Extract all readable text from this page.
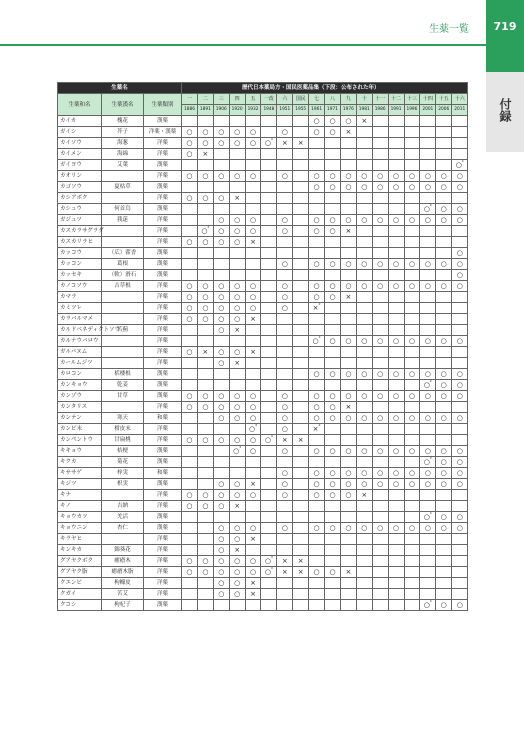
生薬一覧	719
付録
生薬名			歴代日本薬局方・国民医薬品集（下段：公布された年）																	
生薬和名	生薬漢名	生薬類別	一	二	三	四	五	一改	六	国民	七	八	九	十	十一	十二	十三	十四	十五	十六
			1886	1891	1906	1920	1932	1948	1951	1955	1961	1971	1976	1981	1986	1991	1996	2001	2006	2011
カイカ	槐花	漢薬									○	○	○	×						
ガイシ	芥子	洋薬・漢薬	○	○	○	○	○		○		○	○	×							
カイソウ	海葱	洋薬	○	○	○	○	○	○*	×	×										
カイメン	海綿	洋薬	○	×																
ガイヨウ	艾葉	漢薬																		○*
カオリン		洋薬	○	○	○	○	○		○		○	○	○	○	○	○	○	○	○	○
カゴソウ	夏枯草	漢薬									○	○	○	○	○	○	○	○	○	○
カシアボク		洋薬	○	○	○	×														
カシュウ	何首烏	漢薬																○*	○	○
ガジュツ	莪蒁	洋薬			○	○	○		○		○	○	○	○	○	○	○	○	○	○
カスカラサグラダ		洋薬		○*	○	○	○		○		○	○	×							
カスカリラヒ		洋薬	○	○	○	○	×													
カッコウ	（広）藿香	漢薬																		○
カッコン	葛根	漢薬							○		○	○	○	○	○	○	○	○	○	○
カッセキ	（軟）滑石	漢薬																		○
カノコソウ	吉草根	洋薬	○	○	○	○	○		○		○	○	○	○	○	○	○	○	○	○
カマラ		洋薬	○	○	○	○	○		○		○	○	×							
カミツレ		洋薬	○	○	○	○	○		○		×*									
カラバルマメ		洋薬	○	○	○	○	×													
カルドベネディクトソウ	苦薊	洋薬			○	×														
カルナウバロウ		洋薬									○*	○	○	○	○	○	○	○	○	○
ガルバヌム		洋薬	○	×	○	○	×													
カールムジツ		洋薬			○	×														
カロコン	栝楼根	漢薬									○	○	○	○	○	○	○	○	○	○
カンキョウ	乾姜	漢薬																○*	○	○
カンゾウ	甘草	漢薬	○	○	○	○	○		○		○	○	○	○	○	○	○	○	○	○
カンタリス		洋薬	○	○	○	○	○		○		○	○	×							
カンテン	寒天	和薬			○	○	○		○		○	○	○	○	○	○	○	○	○	○
カンピ末	柑皮末	洋薬					○*		○		×*									
カンペントウ	甘扁桃	洋薬	○	○	○	○	○	○*	×	×										
キキョウ	桔梗	漢薬				○*	○		○		○	○	○	○	○	○	○	○	○	○
キクカ	菊花	漢薬																○*	○	○
キササゲ	梓実	和薬							○		○	○	○	○	○	○	○	○	○	○
キジツ	枳実	漢薬			○	○	×		○		○	○	○	○	○	○	○	○	○	○
キナ		洋薬	○	○	○	○	○		○		○	○	○	×						
キノ	吉納	洋薬	○	○	○	×														
キョウカツ	羌活	漢薬																○*	○	○
キョウニン	杏仁	漢薬			○	○	○		○		○	○	○	○	○	○	○	○	○	○
キラヤヒ		洋薬			○	○	×													
キンキカ	錦葵花	洋薬			○	×														
グアヤクボク	癒瘡木	洋薬	○	○	○	○	○	○*	×	×										
グアヤク脂	癒瘡木脂	洋薬	○	○	○	○	○	○*	×	×	○	○	×							
クエンピ	枸櫞皮	洋薬			○	○	×													
クガイ	苦艾	洋薬			○	○	×													
クコシ	枸杞子	漢薬																○*	○	○
